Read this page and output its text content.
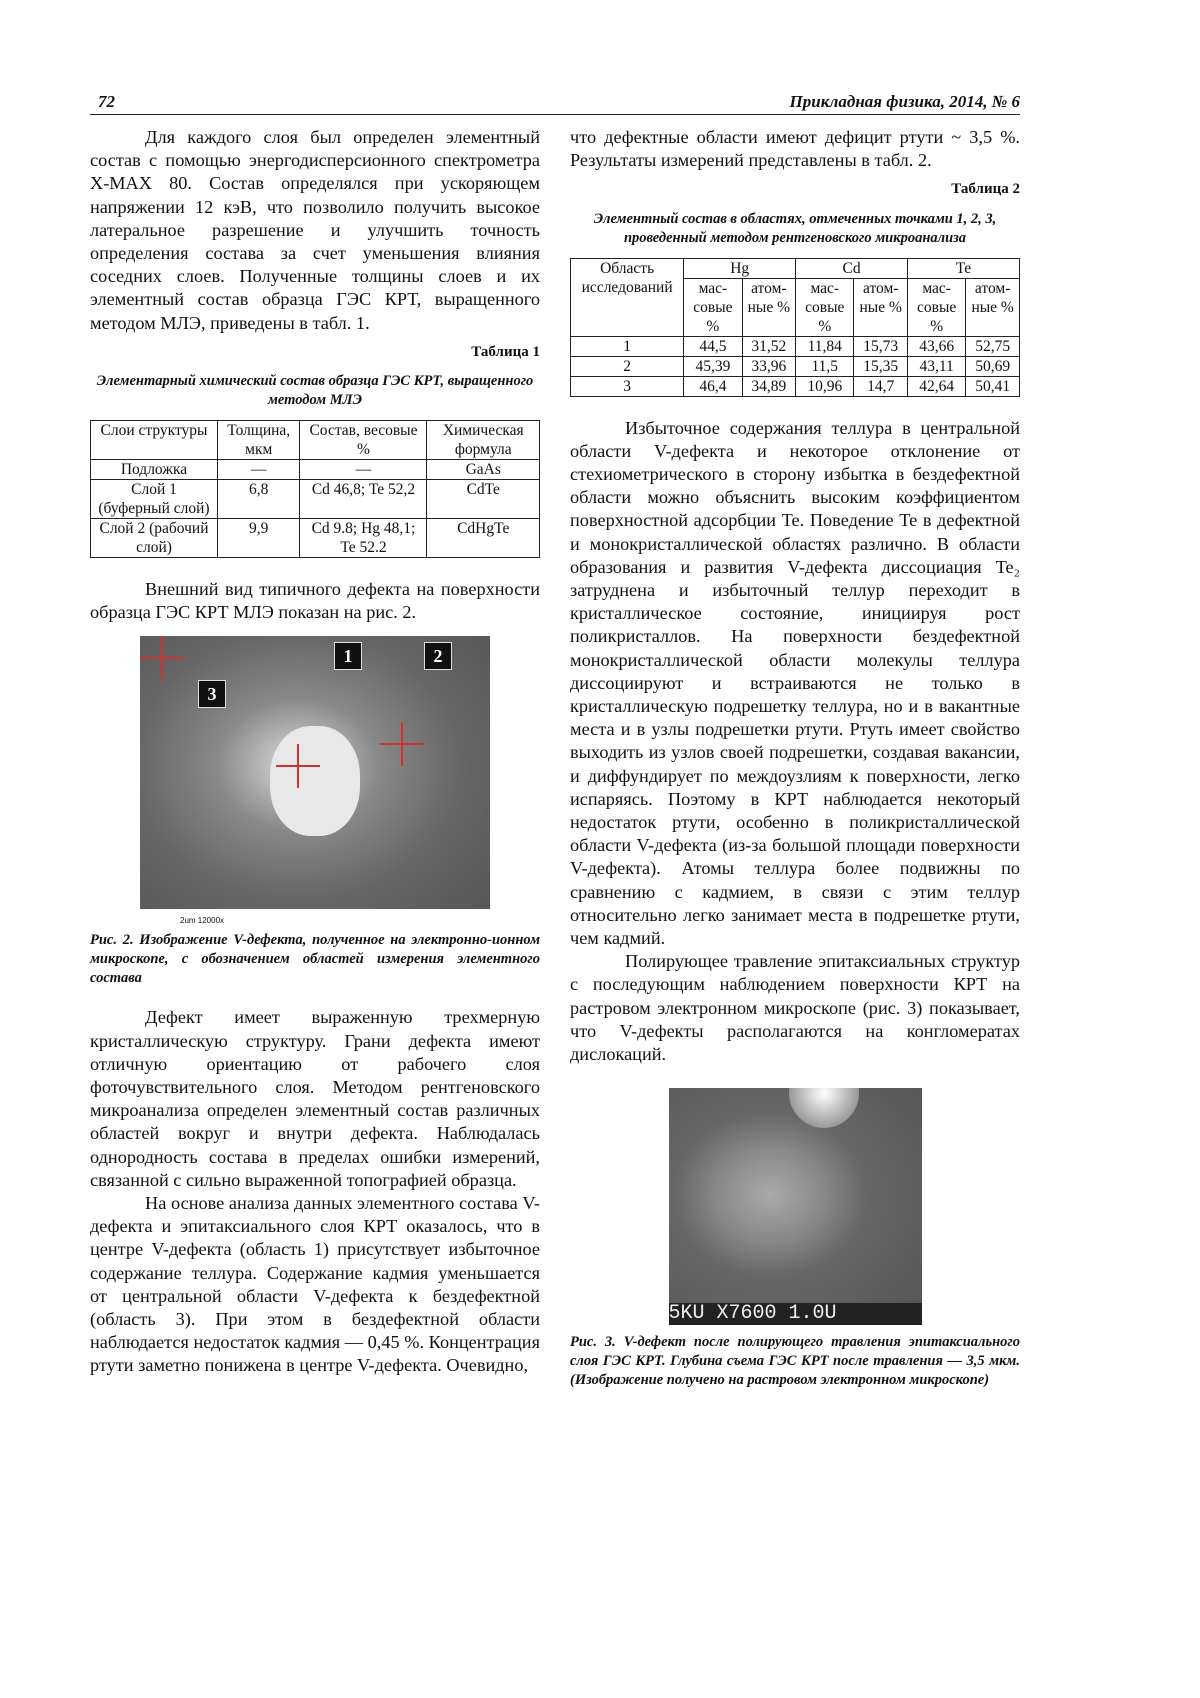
72	Прикладная физика, 2014, № 6

Для каждого слоя был определен элементный состав с помощью энергодисперсионного спектрометра X-MAX 80. Состав определялся при ускоряющем напряжении 12 кэВ, что позволило получить высокое латеральное разрешение и улучшить точность определения состава за счет уменьшения влияния соседних слоев. Полученные толщины слоев и их элементный состав образца ГЭС КРТ, выращенного методом МЛЭ, приведены в табл. 1.

Таблица 1
Элементарный химический состав образца ГЭС КРТ, выращенного методом МЛЭ
Слои структуры	Толщина, мкм	Состав, весовые %	Химическая формула
Подложка	—	—	GaAs
Слой 1 (буферный слой)	6,8	Cd 46,8; Te 52,2	CdTe
Слой 2 (рабочий слой)	9,9	Cd 9.8; Hg 48,1; Te 52.2	CdHgTe

Внешний вид типичного дефекта на поверхности образца ГЭС КРТ МЛЭ показан на рис. 2.

1	2
3
2um 12000x
Рис. 2. Изображение V-дефекта, полученное на электронно-ионном микроскопе, с обозначением областей измерения элементного состава

Дефект имеет выраженную трехмерную кристаллическую структуру. Грани дефекта имеют отличную ориентацию от рабочего слоя фоточувствительного слоя. Методом рентгеновского микроанализа определен элементный состав различных областей вокруг и внутри дефекта. Наблюдалась однородность состава в пределах ошибки измерений, связанной с сильно выраженной топографией образца.

На основе анализа данных элементного состава V-дефекта и эпитаксиального слоя КРТ оказалось, что в центре V-дефекта (область 1) присутствует избыточное содержание теллура. Содержание кадмия уменьшается от центральной области V-дефекта к бездефектной (область 3). При этом в бездефектной области наблюдается недостаток кадмия — 0,45 %. Концентрация ртути заметно понижена в центре V-дефекта. Очевидно,

что дефектные области имеют дефицит ртути ~ 3,5 %. Результаты измерений представлены в табл. 2.

Таблица 2
Элементный состав в областях, отмеченных точками 1, 2, 3, проведенный методом рентгеновского микроанализа
Область исследований	Hg		Cd		Te	
	мас-совые %	атом-ные %	мас-совые %	атом-ные %	мас-совые %	атом-ные %
1	44,5	31,52	11,84	15,73	43,66	52,75
2	45,39	33,96	11,5	15,35	43,11	50,69
3	46,4	34,89	10,96	14,7	42,64	50,41

Избыточное содержания теллура в центральной области V-дефекта и некоторое отклонение от стехиометрического в сторону избытка в бездефектной области можно объяснить высоким коэффициентом поверхностной адсорбции Te. Поведение Te в дефектной и монокристаллической областях различно. В области образования и развития V-дефекта диссоциация Te₂ затруднена и избыточный теллур переходит в кристаллическое состояние, инициируя рост поликристаллов. На поверхности бездефектной монокристаллической области молекулы теллура диссоциируют и встраиваются не только в кристаллическую подрешетку теллура, но и в вакантные места и в узлы подрешетки ртути. Ртуть имеет свойство выходить из узлов своей подрешетки, создавая вакансии, и диффундирует по междоузлиям к поверхности, легко испаряясь. Поэтому в КРТ наблюдается некоторый недостаток ртути, особенно в поликристаллической области V-дефекта (из-за большой площади поверхности V-дефекта). Атомы теллура более подвижны по сравнению с кадмием, в связи с этим теллур относительно легко занимает места в подрешетке ртути, чем кадмий.

Полирующее травление эпитаксиальных структур с последующим наблюдением поверхности КРТ на растровом электронном микроскопе (рис. 3) показывает, что V-дефекты располагаются на конгломератах дислокаций.

5KU X7600 1.0U
Рис. 3. V-дефект после полирующего травления эпитаксиального слоя ГЭС КРТ. Глубина съема ГЭС КРТ после травления — 3,5 мкм. (Изображение получено на растровом электронном микроскопе)
